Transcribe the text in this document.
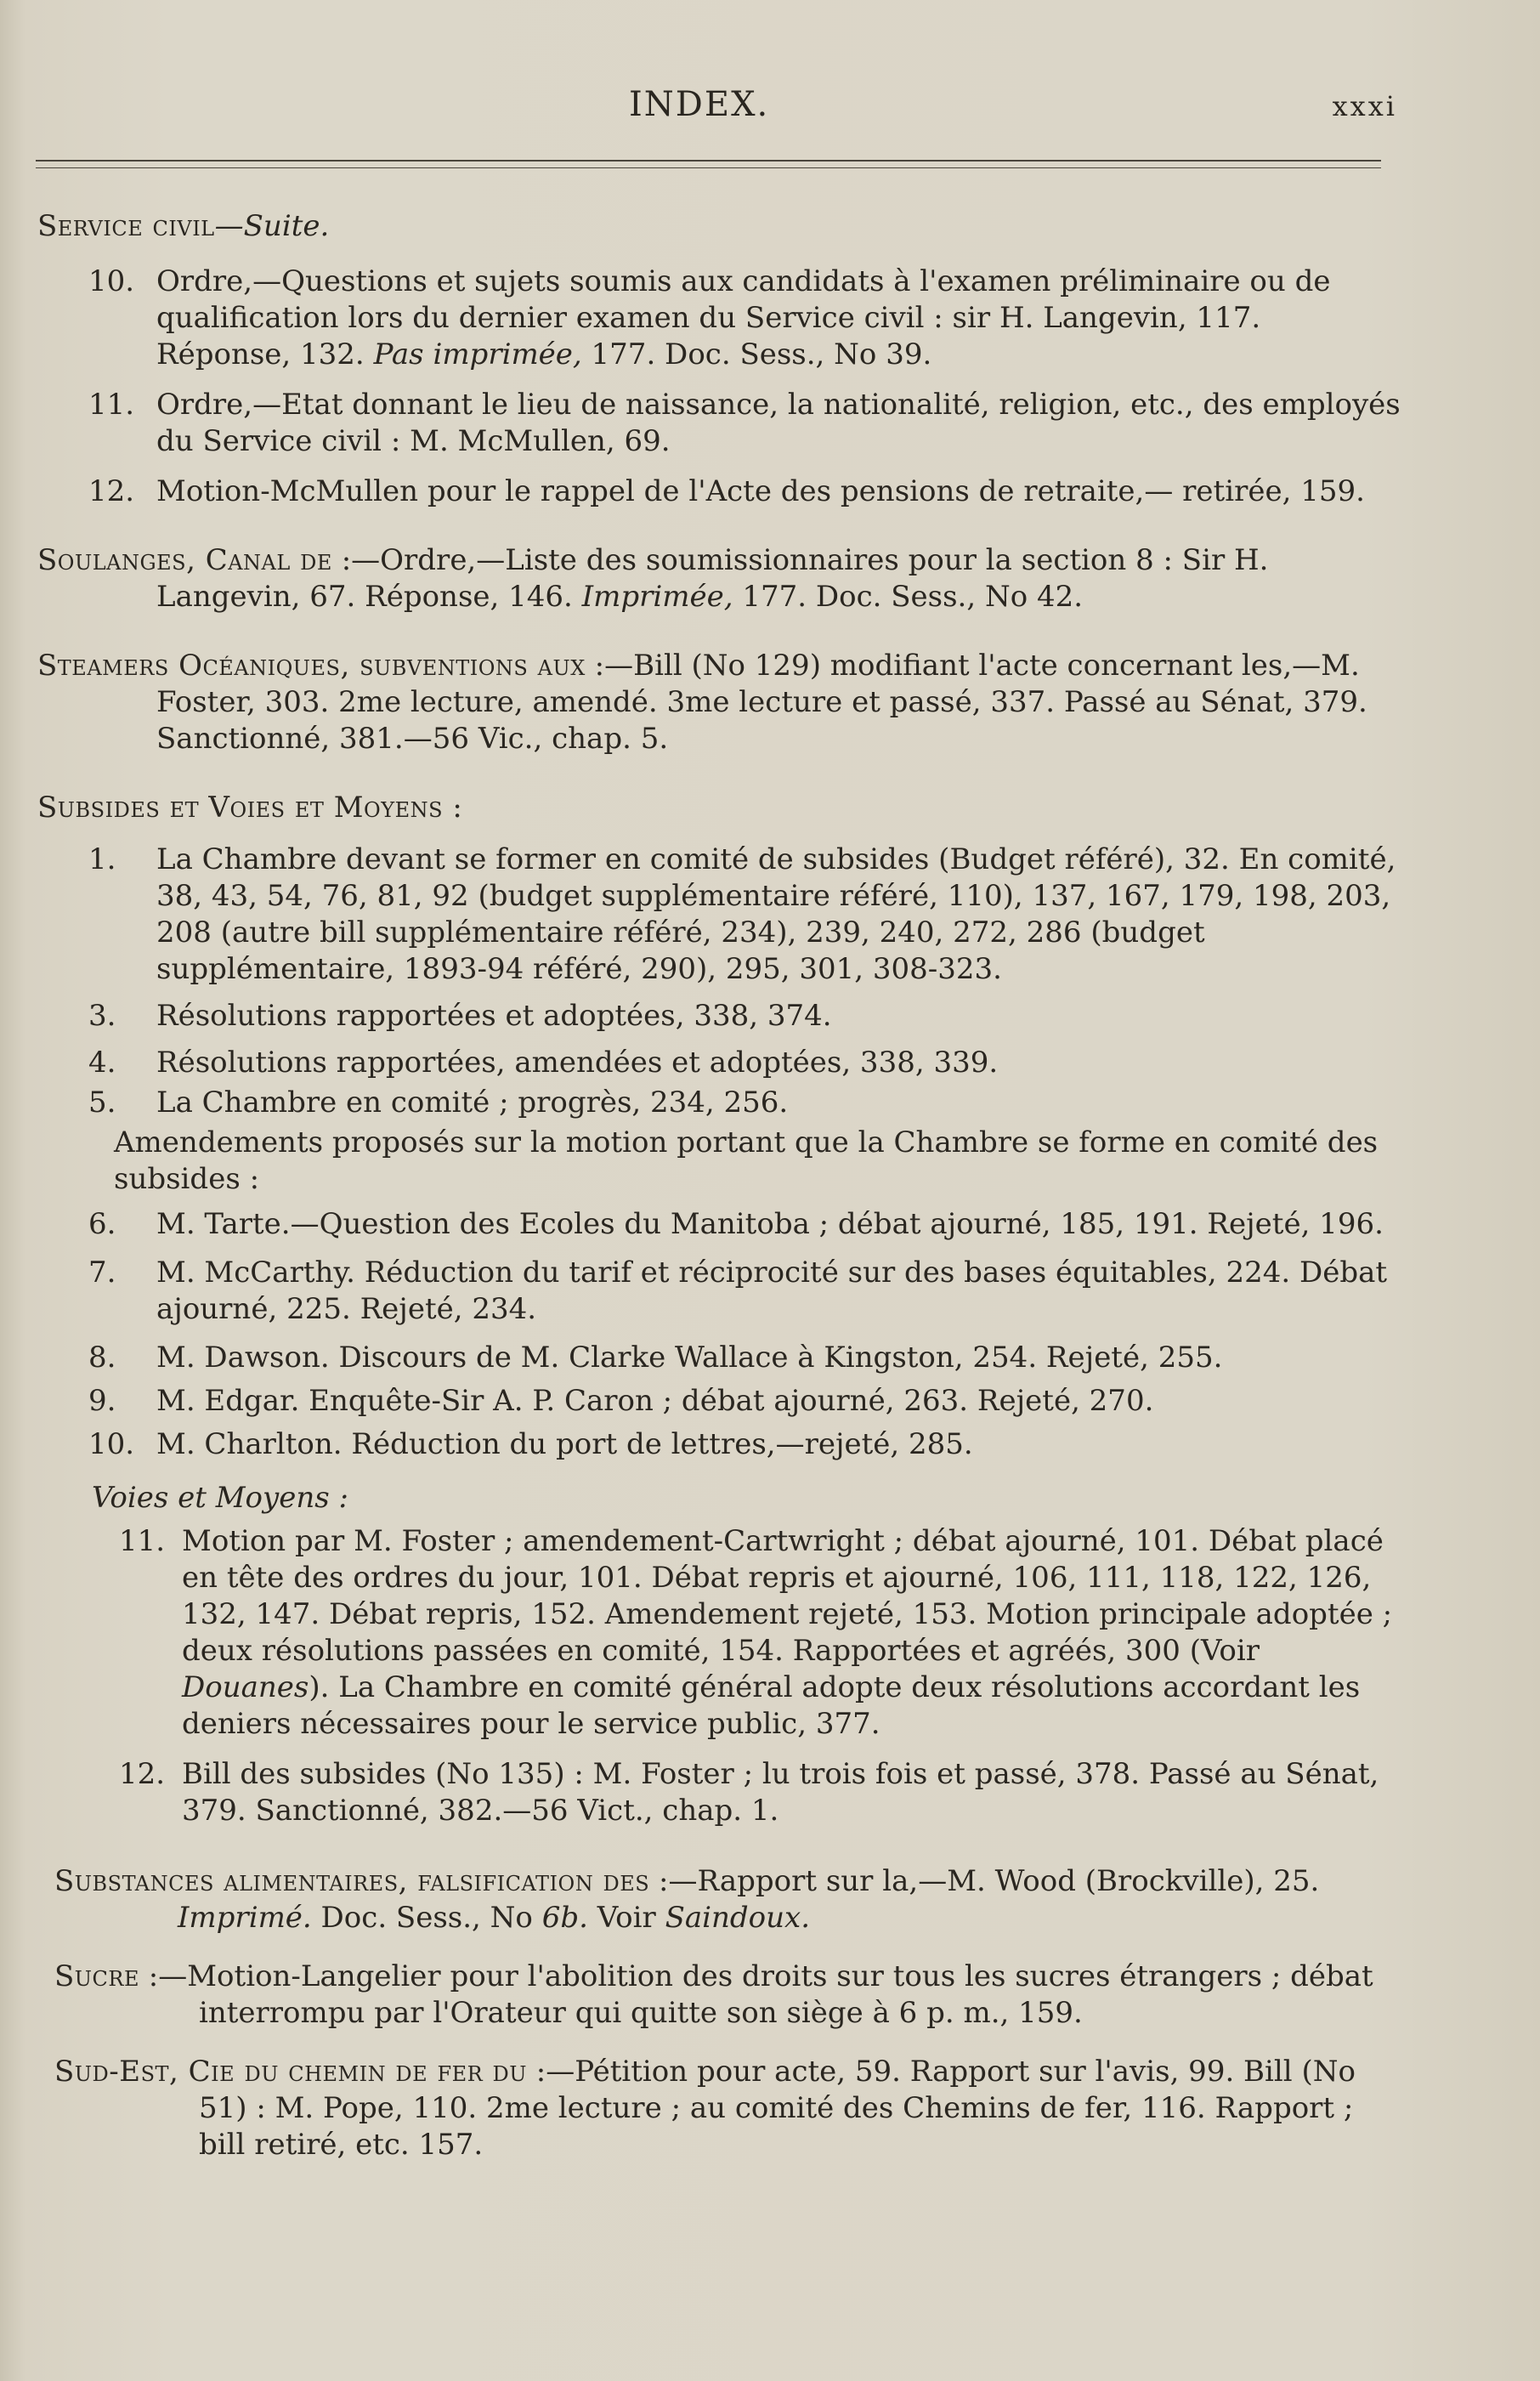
INDEX.	xxxi
Service civil—Suite.
10. Ordre,—Questions et sujets soumis aux candidats à l'examen préliminaire ou de qualification lors du dernier examen du Service civil : sir H. Langevin, 117. Réponse, 132. Pas imprimée, 177. Doc. Sess., No 39.
11. Ordre,—Etat donnant le lieu de naissance, la nationalité, religion, etc., des employés du Service civil : M. McMullen, 69.
12. Motion-McMullen pour le rappel de l'Acte des pensions de retraite,— retirée, 159.
Soulanges, Canal de :—Ordre,—Liste des soumissionnaires pour la section 8 : Sir H. Langevin, 67. Réponse, 146. Imprimée, 177. Doc. Sess., No 42.
Steamers Océaniques, subventions aux :—Bill (No 129) modifiant l'acte concernant les,—M. Foster, 303. 2me lecture, amendé. 3me lecture et passé, 337. Passé au Sénat, 379. Sanctionné, 381.—56 Vic., chap. 5.
Subsides et Voies et Moyens :
1. La Chambre devant se former en comité de subsides (Budget référé), 32. En comité, 38, 43, 54, 76, 81, 92 (budget supplémentaire référé, 110), 137, 167, 179, 198, 203, 208 (autre bill supplémentaire référé, 234), 239, 240, 272, 286 (budget supplémentaire, 1893-94 référé, 290), 295, 301, 308-323.
3. Résolutions rapportées et adoptées, 338, 374.
4. Résolutions rapportées, amendées et adoptées, 338, 339.
5. La Chambre en comité ; progrès, 234, 256.
Amendements proposés sur la motion portant que la Chambre se forme en comité des subsides :
6. M. Tarte.—Question des Ecoles du Manitoba ; débat ajourné, 185, 191. Rejeté, 196.
7. M. McCarthy. Réduction du tarif et réciprocité sur des bases équitables, 224. Débat ajourné, 225. Rejeté, 234.
8. M. Dawson. Discours de M. Clarke Wallace à Kingston, 254. Rejeté, 255.
9. M. Edgar. Enquête-Sir A. P. Caron ; débat ajourné, 263. Rejeté, 270.
10. M. Charlton. Réduction du port de lettres,—rejeté, 285.
Voies et Moyens :
11. Motion par M. Foster ; amendement-Cartwright ; débat ajourné, 101. Débat placé en tête des ordres du jour, 101. Débat repris et ajourné, 106, 111, 118, 122, 126, 132, 147. Débat repris, 152. Amendement rejeté, 153. Motion principale adoptée ; deux résolutions passées en comité, 154. Rapportées et agréés, 300 (Voir Douanes). La Chambre en comité général adopte deux résolutions accordant les deniers nécessaires pour le service public, 377.
12. Bill des subsides (No 135) : M. Foster ; lu trois fois et passé, 378. Passé au Sénat, 379. Sanctionné, 382.—56 Vict., chap. 1.
Substances alimentaires, falsification des :—Rapport sur la,—M. Wood (Brockville), 25. Imprimé. Doc. Sess., No 6b. Voir Saindoux.
Sucre :—Motion-Langelier pour l'abolition des droits sur tous les sucres étrangers ; débat interrompu par l'Orateur qui quitte son siège à 6 p. m., 159.
Sud-Est, Cie du chemin de fer du :—Pétition pour acte, 59. Rapport sur l'avis, 99. Bill (No 51) : M. Pope, 110. 2me lecture ; au comité des Chemins de fer, 116. Rapport ; bill retiré, etc. 157.
